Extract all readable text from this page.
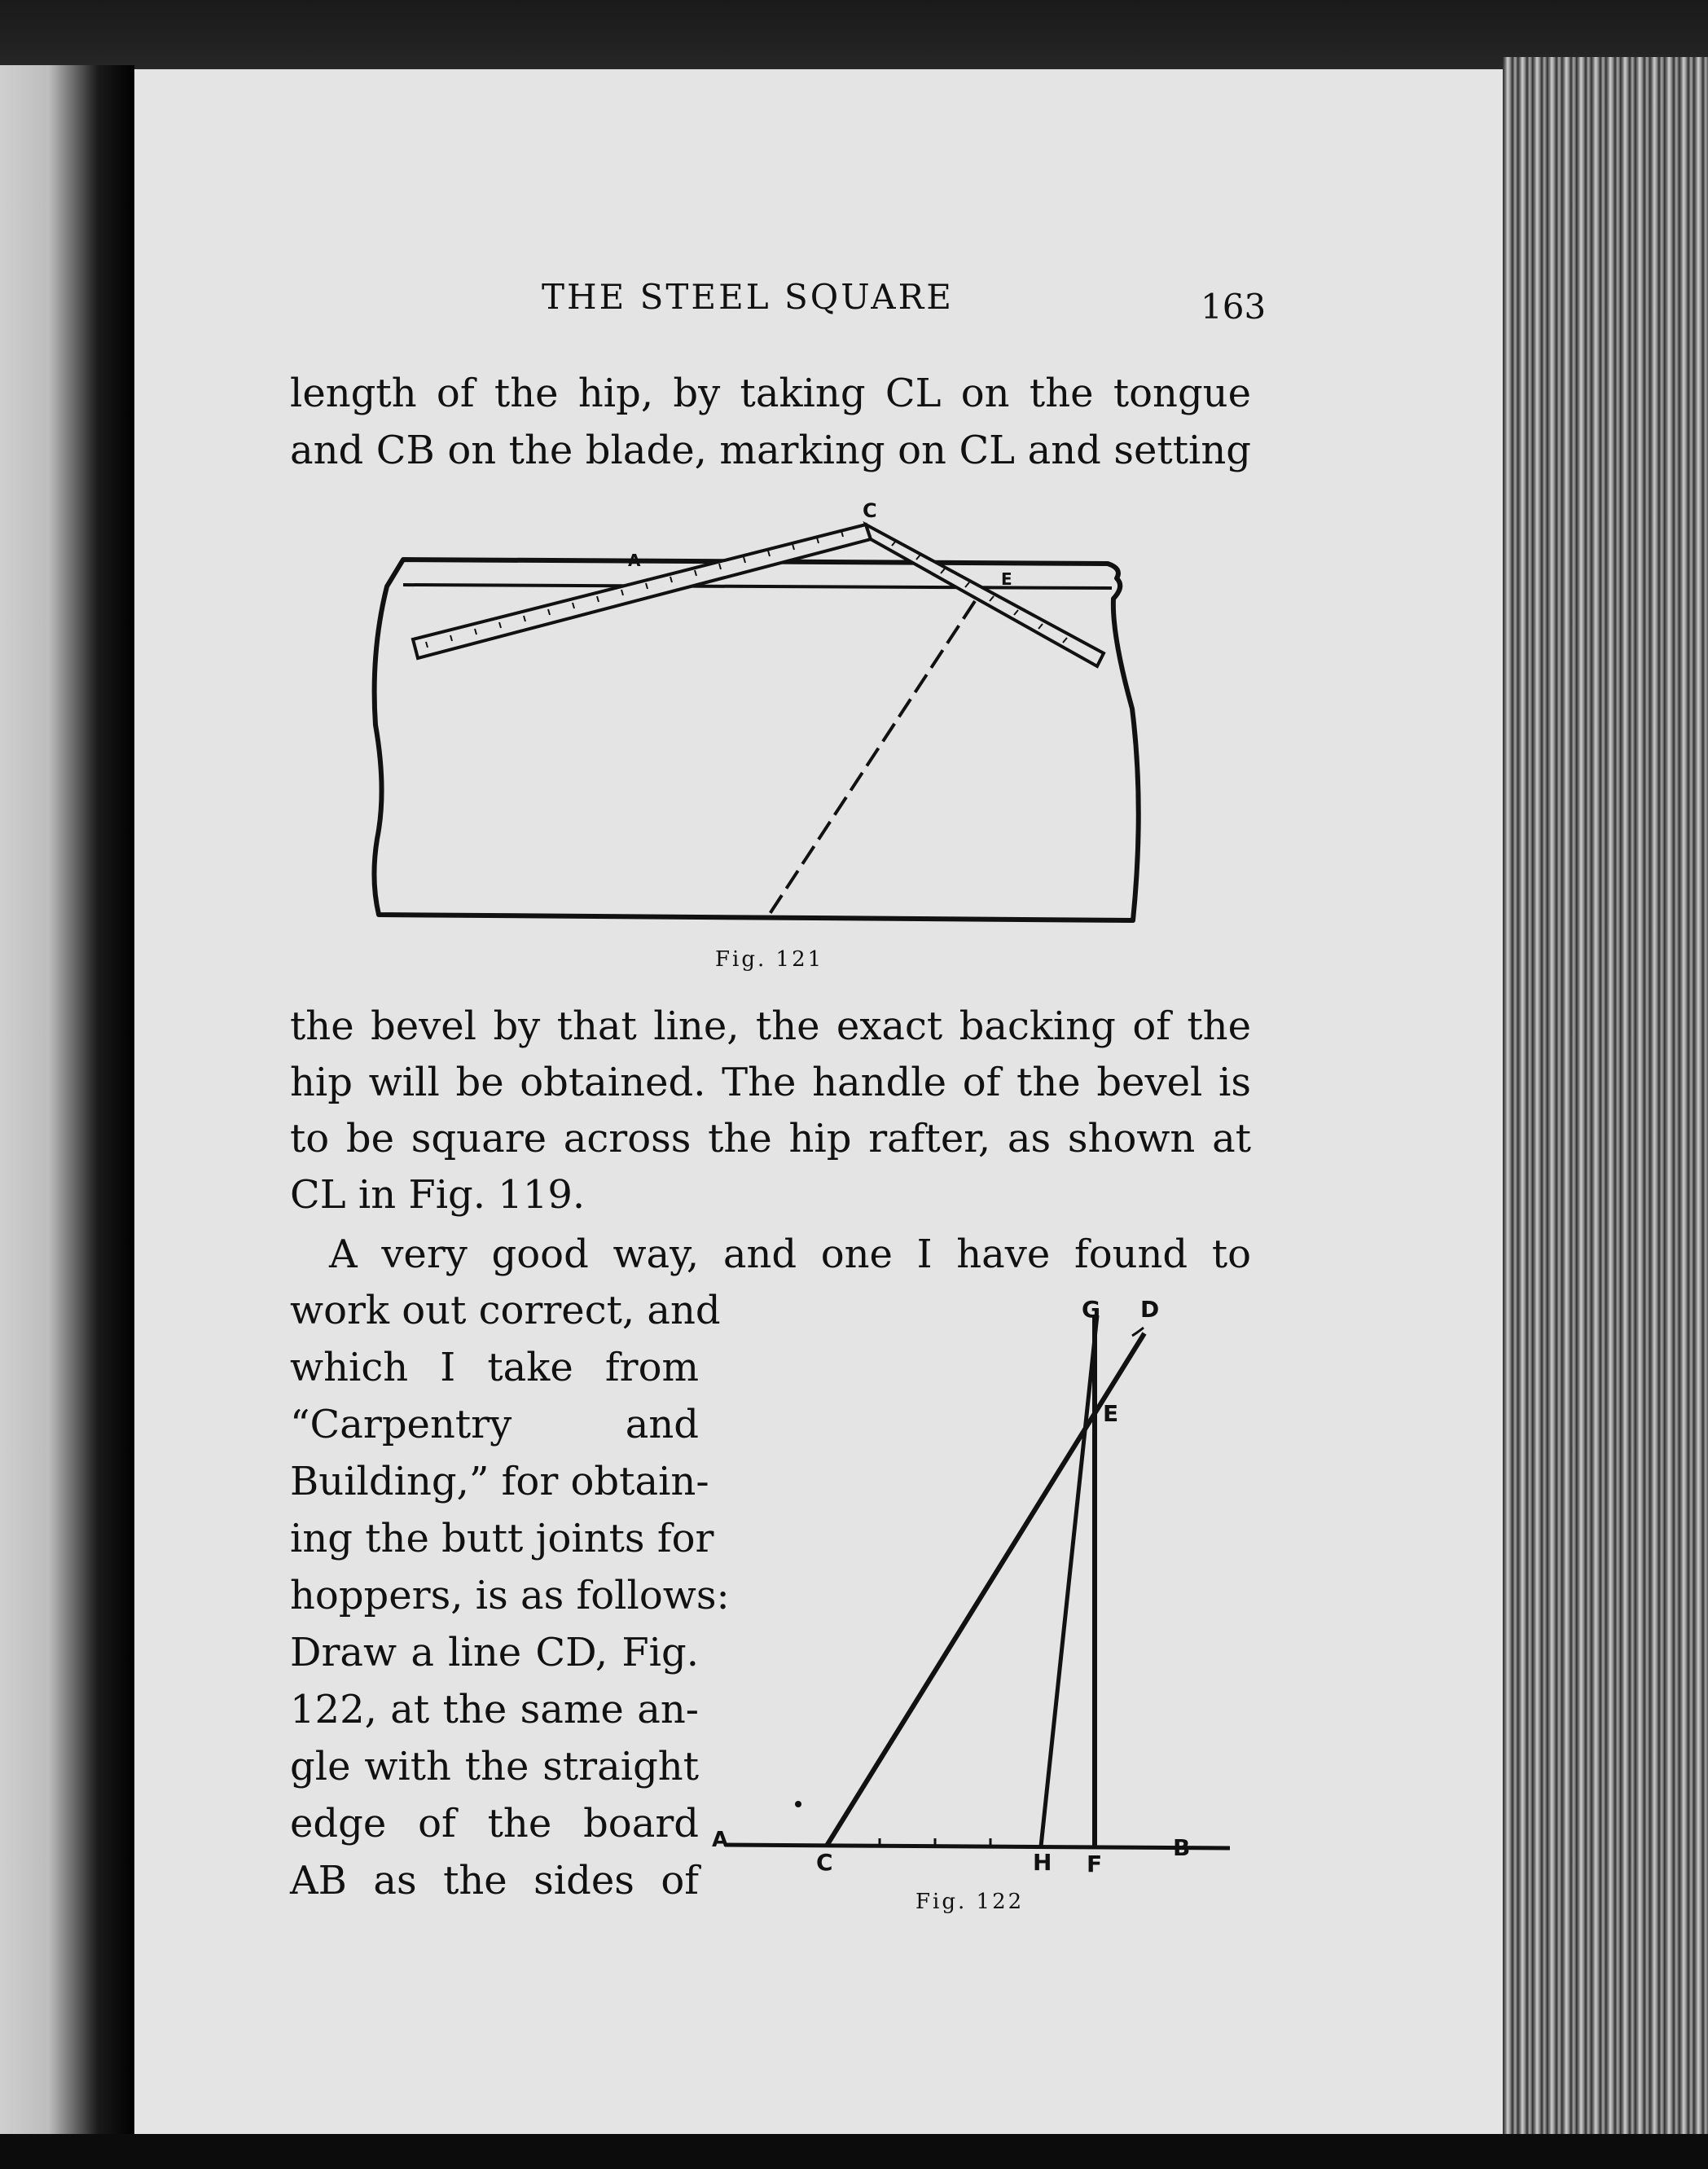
THE STEEL SQUARE	163
length of the hip, by taking CL on the tongue
and CB on the blade, marking on CL and setting
C
A
E
Fig. 121
the bevel by that line, the exact backing of the
hip will be obtained. The handle of the bevel is
to be square across the hip rafter, as shown at
CL in Fig. 119.
A very good way, and one I have found to
work out correct, and
which I take from
“Carpentry and
Building,” for obtain-
ing the butt joints for
hoppers, is as follows:
Draw a line CD, Fig.
122, at the same an-
gle with the straight
edge of the board
AB as the sides of
G D
E
A
C	H F
B
Fig. 122
